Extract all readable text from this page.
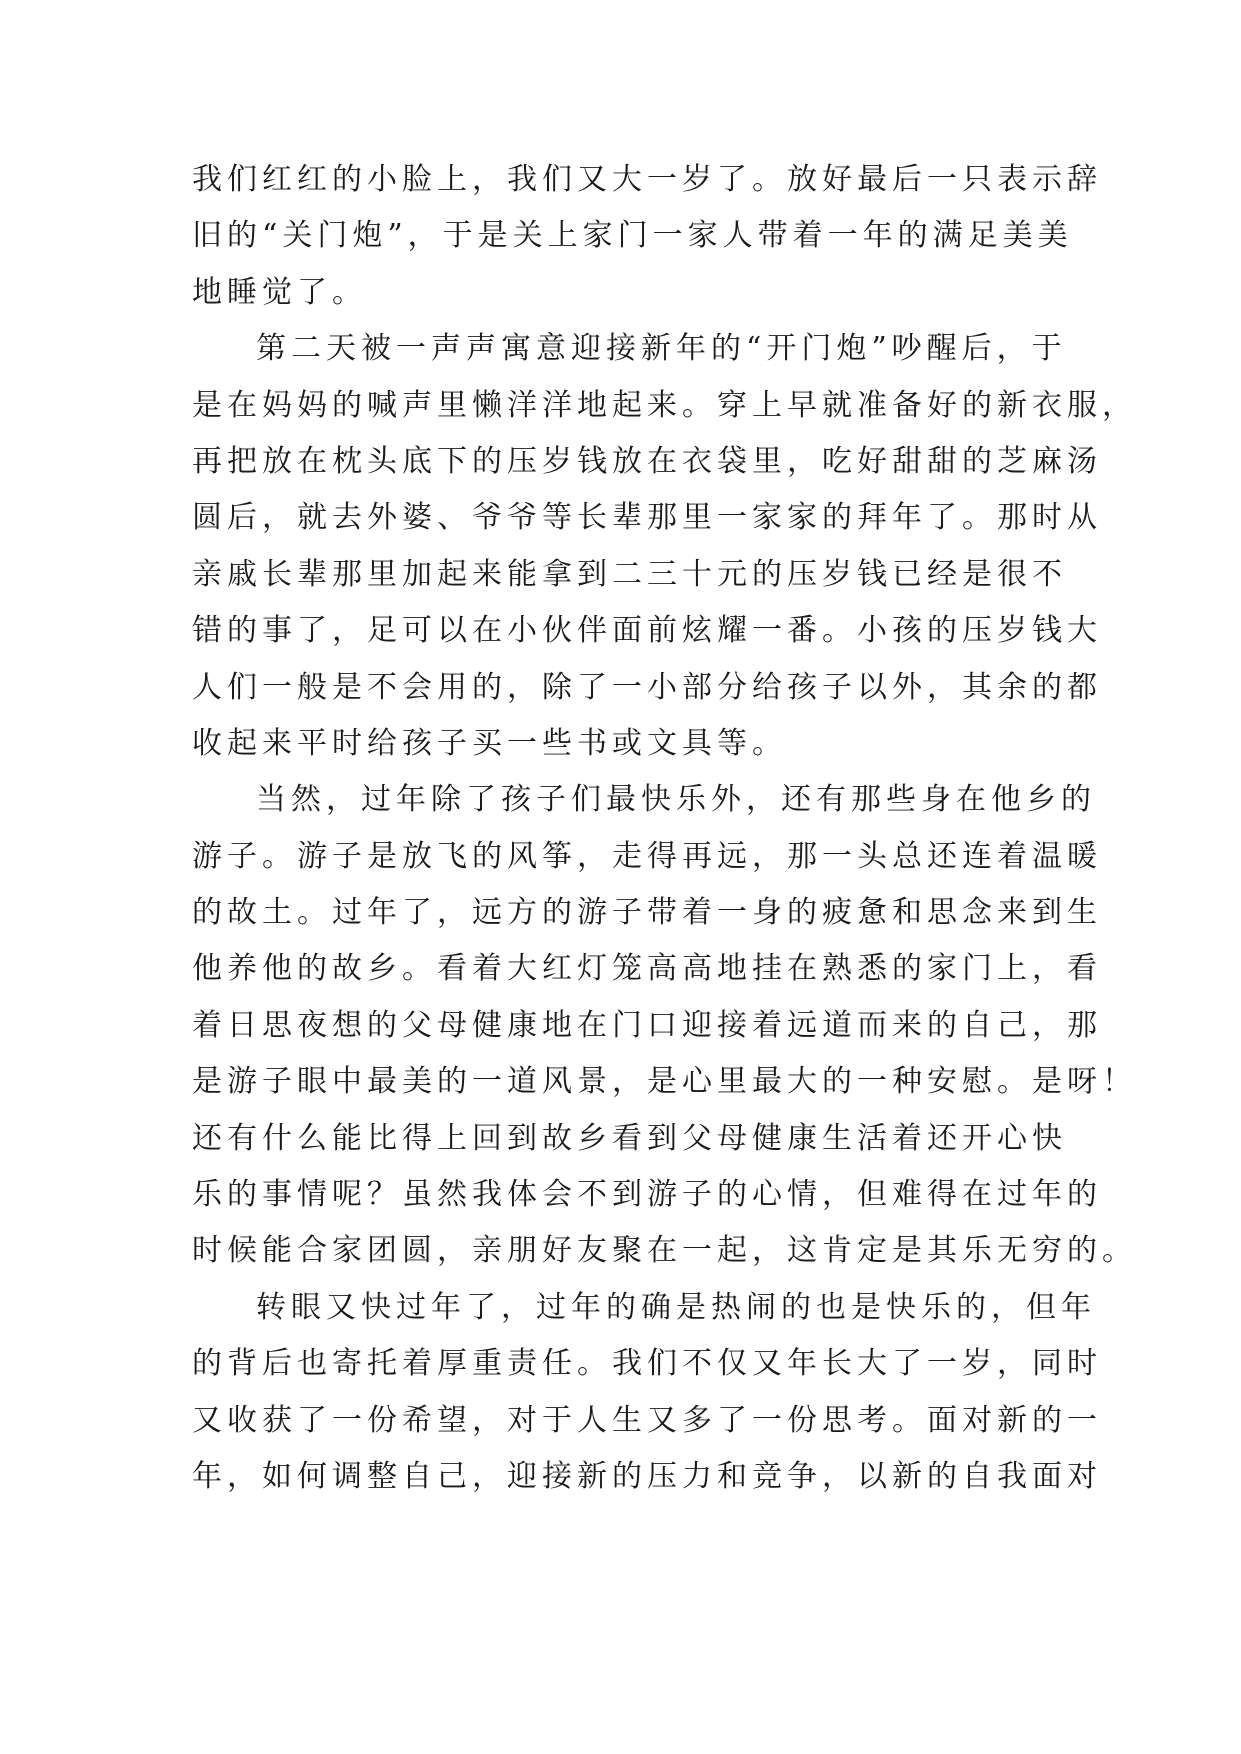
我们红红的小脸上，我们又大一岁了。放好最后一只表示辞
旧的“关门炮”，于是关上家门一家人带着一年的满足美美
地睡觉了。
第二天被一声声寓意迎接新年的“开门炮”吵醒后，于
是在妈妈的喊声里懒洋洋地起来。穿上早就准备好的新衣服，
再把放在枕头底下的压岁钱放在衣袋里，吃好甜甜的芝麻汤
圆后，就去外婆、爷爷等长辈那里一家家的拜年了。那时从
亲戚长辈那里加起来能拿到二三十元的压岁钱已经是很不
错的事了，足可以在小伙伴面前炫耀一番。小孩的压岁钱大
人们一般是不会用的，除了一小部分给孩子以外，其余的都
收起来平时给孩子买一些书或文具等。
当然，过年除了孩子们最快乐外，还有那些身在他乡的
游子。游子是放飞的风筝，走得再远，那一头总还连着温暖
的故土。过年了，远方的游子带着一身的疲惫和思念来到生
他养他的故乡。看着大红灯笼高高地挂在熟悉的家门上，看
着日思夜想的父母健康地在门口迎接着远道而来的自己，那
是游子眼中最美的一道风景，是心里最大的一种安慰。是呀！
还有什么能比得上回到故乡看到父母健康生活着还开心快
乐的事情呢？虽然我体会不到游子的心情，但难得在过年的
时候能合家团圆，亲朋好友聚在一起，这肯定是其乐无穷的。
转眼又快过年了，过年的确是热闹的也是快乐的，但年
的背后也寄托着厚重责任。我们不仅又年长大了一岁，同时
又收获了一份希望，对于人生又多了一份思考。面对新的一
年，如何调整自己，迎接新的压力和竞争，以新的自我面对
